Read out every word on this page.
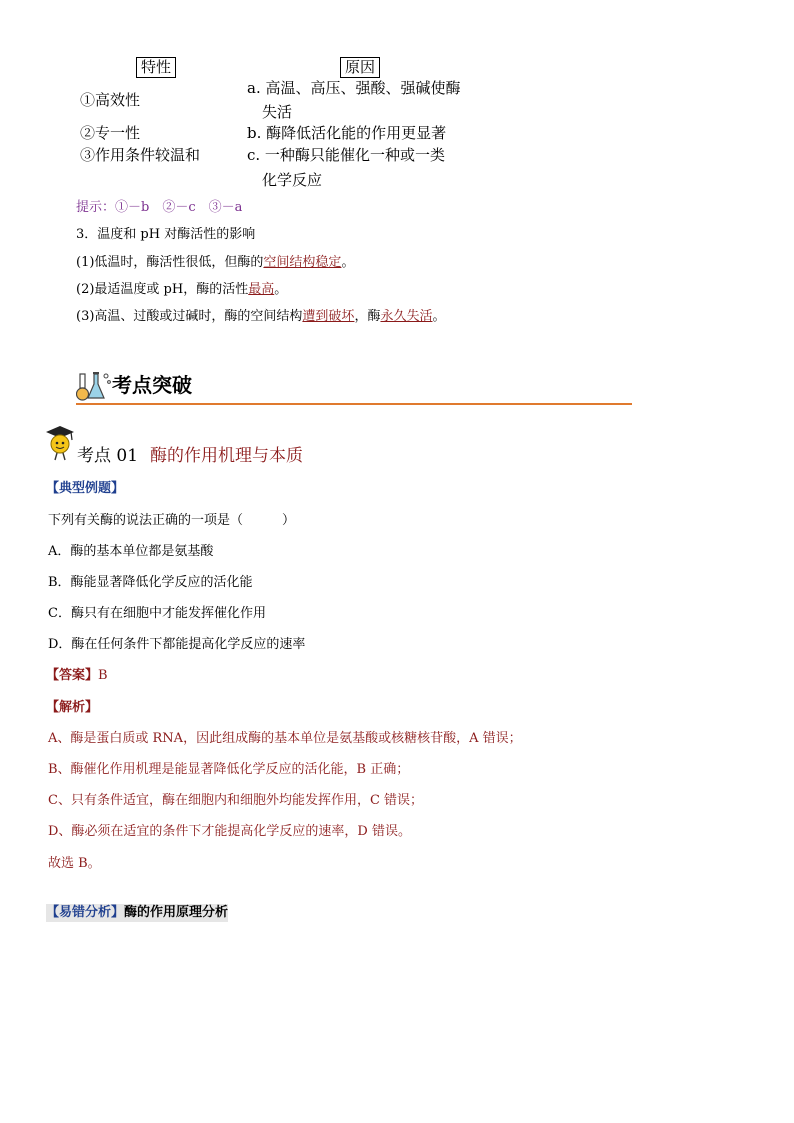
特性	原因
①高效性
②专一性
③作用条件较温和
a. 高温、高压、强酸、强碱使酶
失活
b. 酶降低活化能的作用更显著
c. 一种酶只能催化一种或一类
化学反应
提示：①－b　②－c　③－a
3．温度和 pH 对酶活性的影响
(1)低温时，酶活性很低，但酶的空间结构稳定。
(2)最适温度或 pH，酶的活性最高。
(3)高温、过酸或过碱时，酶的空间结构遭到破坏，酶永久失活。
考点突破
考点 01 酶的作用机理与本质
【典型例题】
下列有关酶的说法正确的一项是（　　　）
A．酶的基本单位都是氨基酸
B．酶能显著降低化学反应的活化能
C．酶只有在细胞中才能发挥催化作用
D．酶在任何条件下都能提高化学反应的速率
【答案】B
【解析】
A、酶是蛋白质或 RNA，因此组成酶的基本单位是氨基酸或核糖核苷酸，A 错误；
B、酶催化作用机理是能显著降低化学反应的活化能，B 正确；
C、只有条件适宜，酶在细胞内和细胞外均能发挥作用，C 错误；
D、酶必须在适宜的条件下才能提高化学反应的速率，D 错误。
故选 B。
【易错分析】酶的作用原理分析
